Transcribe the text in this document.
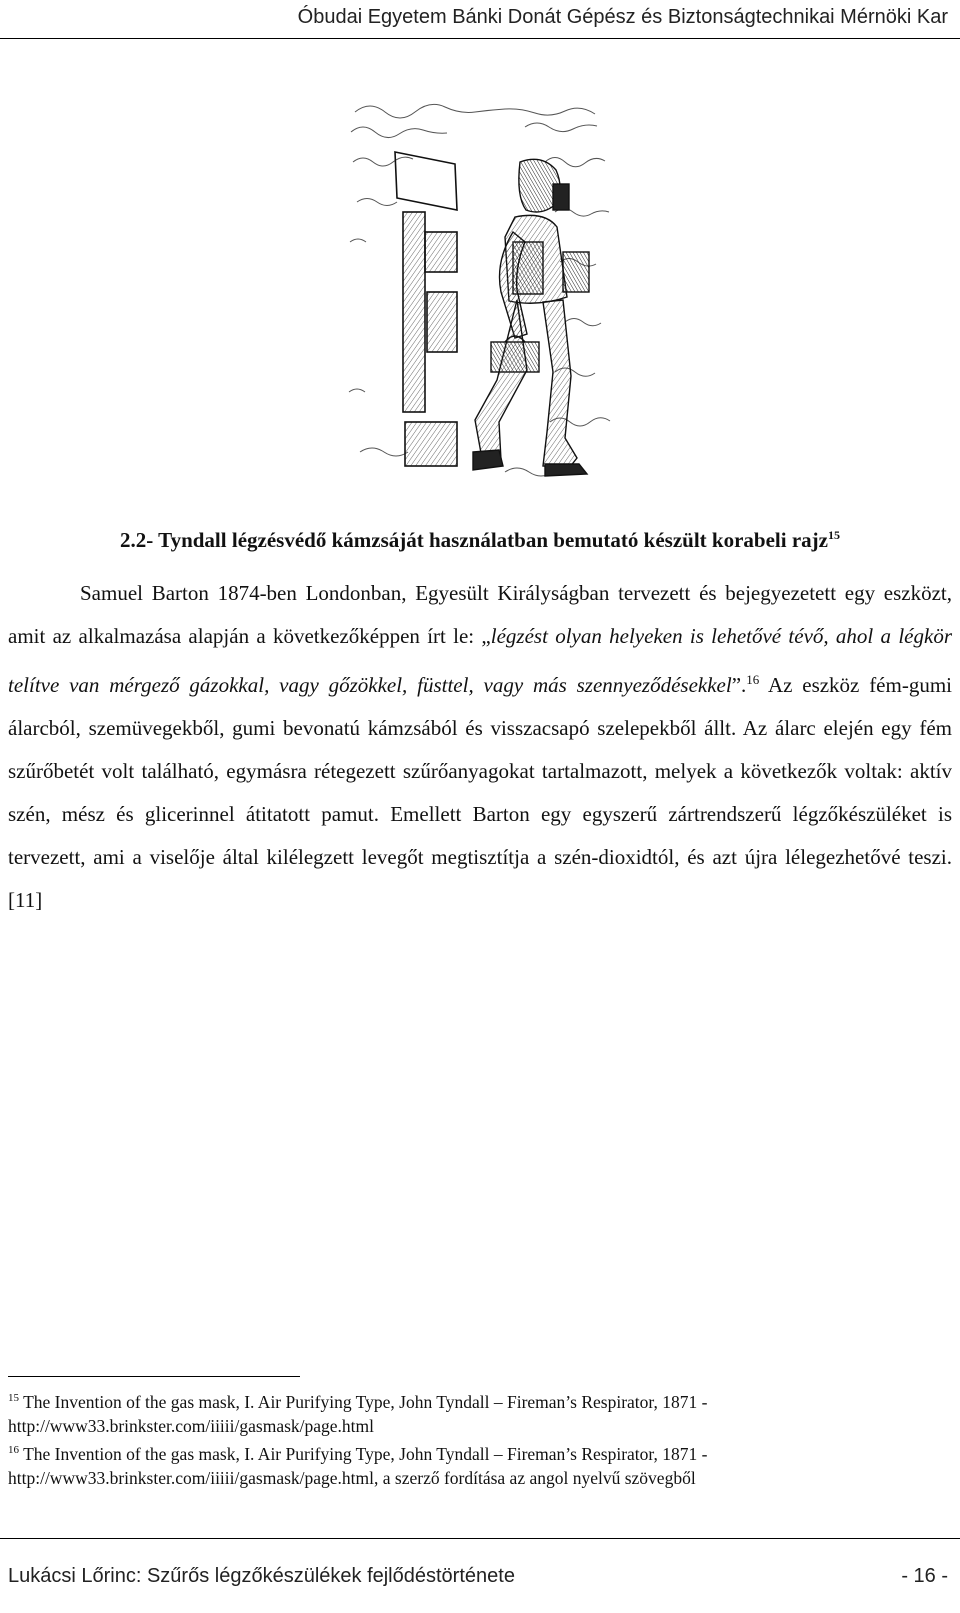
Óbudai Egyetem Bánki Donát Gépész és Biztonságtechnikai Mérnöki Kar
2.2- Tyndall légzésvédő kámzsáját használatban bemutató készült korabeli rajz$^{15}$

Samuel Barton 1874-ben Londonban, Egyesült Királyságban tervezett és bejegyezetett egy eszközt, amit az alkalmazása alapján a következőképpen írt le: „légzést olyan helyeken is lehetővé tévő, ahol a légkör telítve van mérgező gázokkal, vagy gőzökkel, füsttel, vagy más szennyeződésekkel”.$^{16}$ Az eszköz fém-gumi álarcból, szemüvegekből, gumi bevonatú kámzsából és visszacsapó szelepekből állt. Az álarc elején egy fém szűrőbetét volt található, egymásra rétegezett szűrőanyagokat tartalmazott, melyek a következők voltak: aktív szén, mész és glicerinnel átitatott pamut. Emellett Barton egy egyszerű zártrendszerű légzőkészüléket is tervezett, ami a viselője által kilélegzett levegőt megtisztítja a szén-dioxidtól, és azt újra lélegezhetővé teszi. [11]

$^{15}$ The Invention of the gas mask, I. Air Purifying Type, John Tyndall – Fireman’s Respirator, 1871 - http://www33.brinkster.com/iiiii/gasmask/page.html

$^{16}$ The Invention of the gas mask, I. Air Purifying Type, John Tyndall – Fireman’s Respirator, 1871 - http://www33.brinkster.com/iiiii/gasmask/page.html, a szerző fordítása az angol nyelvű szövegből

Lukácsi Lőrinc: Szűrős légzőkészülékek fejlődéstörténete	- 16 -
